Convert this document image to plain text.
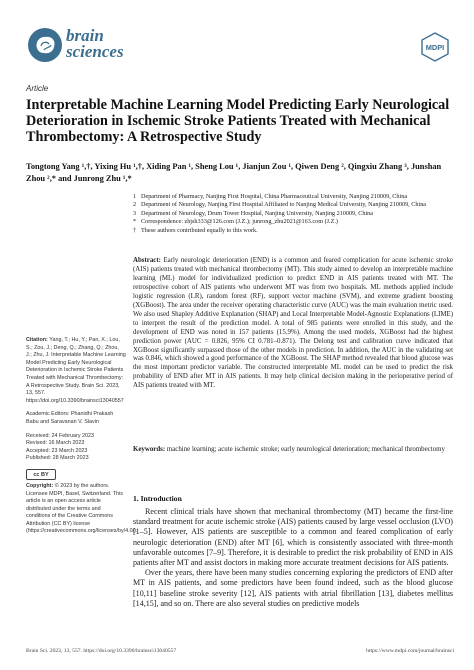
brain
sciences	MDPI
Article
Interpretable Machine Learning Model Predicting Early Neurological Deterioration in Ischemic Stroke Patients Treated with Mechanical Thrombectomy: A Retrospective Study
Tongtong Yang ¹,†, Yixing Hu ¹,†, Xiding Pan ¹, Sheng Lou ¹, Jianjun Zou ¹, Qiwen Deng ², Qingxiu Zhang ³, Junshan Zhou ²,* and Junrong Zhu ¹,*
1 Department of Pharmacy, Nanjing First Hospital, China Pharmaceutical University, Nanjing 210009, China
2 Department of Neurology, Nanjing First Hospital Affiliated to Nanjing Medical University, Nanjing 210009, China
3 Department of Neurology, Drum Tower Hospital, Nanjing University, Nanjing 210009, China
* Correspondence: zhjsh333@126.com (J.Z.); junrong_zhu2021@163.com (J.Z.)
† These authors contributed equally to this work.
Abstract: Early neurologic deterioration (END) is a common and feared complication for acute ischemic stroke (AIS) patients treated with mechanical thrombectomy (MT). This study aimed to develop an interpretable machine learning (ML) model for individualized prediction to predict END in AIS patients treated with MT. The retrospective cohort of AIS patients who underwent MT was from two hospitals. ML methods applied include logistic regression (LR), random forest (RF), support vector machine (SVM), and extreme gradient boosting (XGBoost). The area under the receiver operating characteristic curve (AUC) was the main evaluation metric used. We also used Shapley Additive Explanation (SHAP) and Local Interpretable Model-Agnostic Explanations (LIME) to interpret the result of the prediction model. A total of 985 patients were enrolled in this study, and the development of END was noted in 157 patients (15.9%). Among the used models, XGBoost had the highest prediction power (AUC = 0.826, 95% CI 0.781–0.871). The Delong test and calibration curve indicated that XGBoost significantly surpassed those of the other models in prediction. In addition, the AUC in the validating set was 0.846, which showed a good performance of the XGBoost. The SHAP method revealed that blood glucose was the most important predictor variable. The constructed interpretable ML model can be used to predict the risk probability of END after MT in AIS patients. It may help clinical decision making in the perioperative period of AIS patients treated with MT.
Keywords: machine learning; acute ischemic stroke; early neurological deterioration; mechanical thrombectomy
Citation: Yang, T.; Hu, Y.; Pan, X.; Lou, S.; Zou, J.; Deng, Q.; Zhang, Q.; Zhou, J.; Zhu, J. Interpretable Machine Learning Model Predicting Early Neurological Deterioration in Ischemic Stroke Patients Treated with Mechanical Thrombectomy: A Retrospective Study. Brain Sci. 2023, 13, 557. https://doi.org/10.3390/brainsci13040557
Academic Editors: Phanidhi Prakash Babu and Saravanan V. Slavin
Received: 24 February 2023
Revised: 16 March 2023
Accepted: 23 March 2023
Published: 28 March 2023
cc BY
Copyright: © 2023 by the authors. Licensee MDPI, Basel, Switzerland. This article is an open access article distributed under the terms and conditions of the Creative Commons Attribution (CC BY) license (https://creativecommons.org/licenses/by/4.0/).
1. Introduction

Recent clinical trials have shown that mechanical thrombectomy (MT) became the first-line standard treatment for acute ischemic stroke (AIS) patients caused by large vessel occlusion (LVO) [1–5]. However, AIS patients are susceptible to a common and feared complication of early neurologic deterioration (END) after MT [6], which is consistently associated with three-month unfavorable outcomes [7–9]. Therefore, it is desirable to predict the risk probability of END in AIS patients after MT and assist doctors in making more accurate treatment decisions for AIS patients.

Over the years, there have been many studies concerning exploring the predictors of END after MT in AIS patients, and some predictors have been found indeed, such as the blood glucose [10,11] baseline stroke severity [12], AIS patients with atrial fibrillation [13], diabetes mellitus [14,15], and so on. There are also several studies on predictive models

Brain Sci. 2023, 13, 557. https://doi.org/10.3390/brainsci13040557	https://www.mdpi.com/journal/brainsci
